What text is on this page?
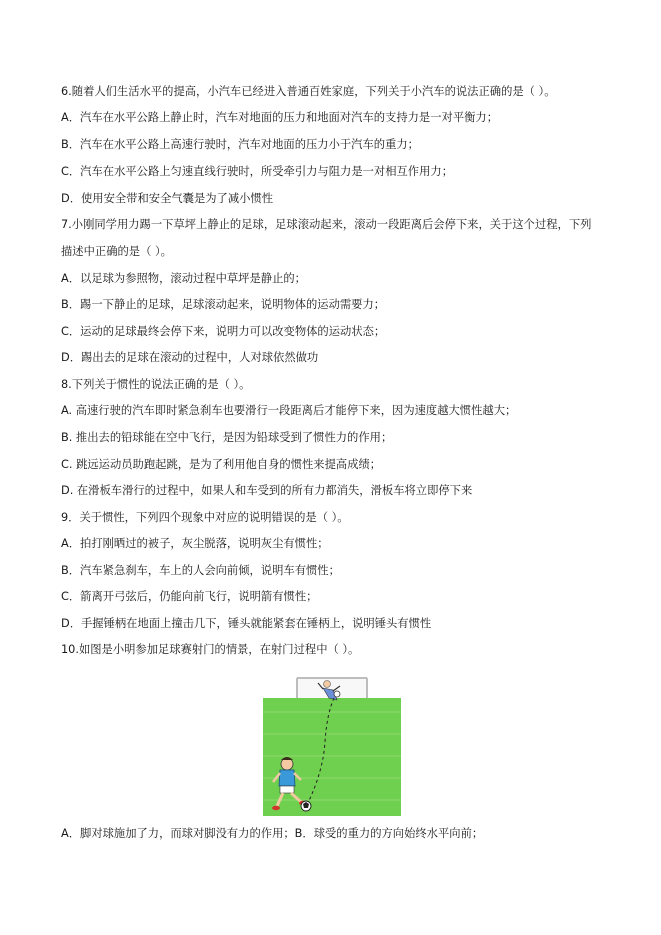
6.随着人们生活水平的提高，小汽车已经进入普通百姓家庭，下列关于小汽车的说法正确的是（ ）。
A．汽车在水平公路上静止时，汽车对地面的压力和地面对汽车的支持力是一对平衡力；
B．汽车在水平公路上高速行驶时，汽车对地面的压力小于汽车的重力；
C．汽车在水平公路上匀速直线行驶时，所受牵引力与阻力是一对相互作用力；
D．使用安全带和安全气囊是为了减小惯性
7.小刚同学用力踢一下草坪上静止的足球，足球滚动起来，滚动一段距离后会停下来，关于这个过程，下列
描述中正确的是（ ）。
A．以足球为参照物，滚动过程中草坪是静止的；
B．踢一下静止的足球，足球滚动起来，说明物体的运动需要力；
C．运动的足球最终会停下来，说明力可以改变物体的运动状态；
D．踢出去的足球在滚动的过程中，人对球依然做功
8.下列关于惯性的说法正确的是（ ）。
A. 高速行驶的汽车即时紧急刹车也要滑行一段距离后才能停下来，因为速度越大惯性越大；
B. 推出去的铅球能在空中飞行，是因为铅球受到了惯性力的作用；
C. 跳远运动员助跑起跳，是为了利用他自身的惯性来提高成绩；
D. 在滑板车滑行的过程中，如果人和车受到的所有力都消失，滑板车将立即停下来
9．关于惯性，下列四个现象中对应的说明错误的是（ ）。
A．拍打刚晒过的被子，灰尘脱落，说明灰尘有惯性；
B．汽车紧急刹车，车上的人会向前倾，说明车有惯性；
C．箭离开弓弦后，仍能向前飞行，说明箭有惯性；
D．手握锤柄在地面上撞击几下，锤头就能紧套在锤柄上，说明锤头有惯性
10.如图是小明参加足球赛射门的情景，在射门过程中（ ）。
A．脚对球施加了力，而球对脚没有力的作用；B．球受的重力的方向始终水平向前；
